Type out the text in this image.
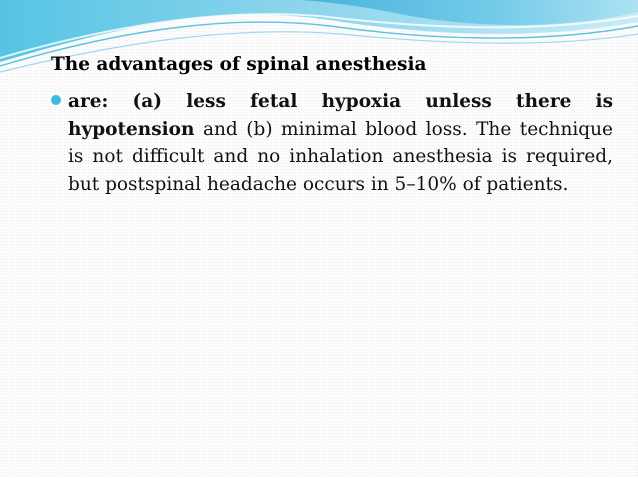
The advantages of spinal anesthesia

are: (a) less fetal hypoxia unless there is hypotension and (b) minimal blood loss. The technique is not difficult and no inhalation anesthesia is required, but postspinal headache occurs in 5–10% of patients.
